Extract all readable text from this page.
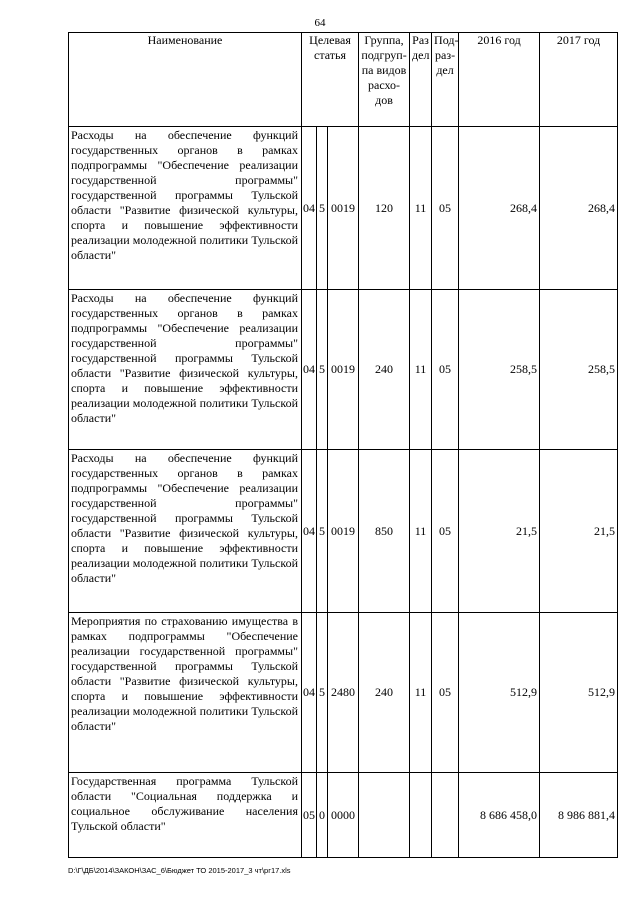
64
Наименование	Целевая статья			Группа, подгруп-па видов расхо-дов	Раз дел	Под-раз-дел	2016 год	2017 год
Расходы на обеспечение функций государственных органов в рамках подпрограммы "Обеспечение реализации государственной программы" государственной программы Тульской области "Развитие физической культуры, спорта и повышение эффективности реализации молодежной политики Тульской области"	04	5	0019	120	11	05	268,4	268,4
Расходы на обеспечение функций государственных органов в рамках подпрограммы "Обеспечение реализации государственной программы" государственной программы Тульской области "Развитие физической культуры, спорта и повышение эффективности реализации молодежной политики Тульской области"	04	5	0019	240	11	05	258,5	258,5
Расходы на обеспечение функций государственных органов в рамках подпрограммы "Обеспечение реализации государственной программы" государственной программы Тульской области "Развитие физической культуры, спорта и повышение эффективности реализации молодежной политики Тульской области"	04	5	0019	850	11	05	21,5	21,5
Мероприятия по страхованию имущества в рамках подпрограммы "Обеспечение реализации государственной программы" государственной программы Тульской области "Развитие физической культуры, спорта и повышение эффективности реализации молодежной политики Тульской области"	04	5	2480	240	11	05	512,9	512,9
Государственная программа Тульской области "Социальная поддержка и социальное обслуживание населения Тульской области"	05	0	0000				8 686 458,0	8 986 881,4
D:\Г\ДБ\2014\ЗАКОН\ЗАС_6\Бюджет ТО 2015-2017_3 чт\рг17.xls
